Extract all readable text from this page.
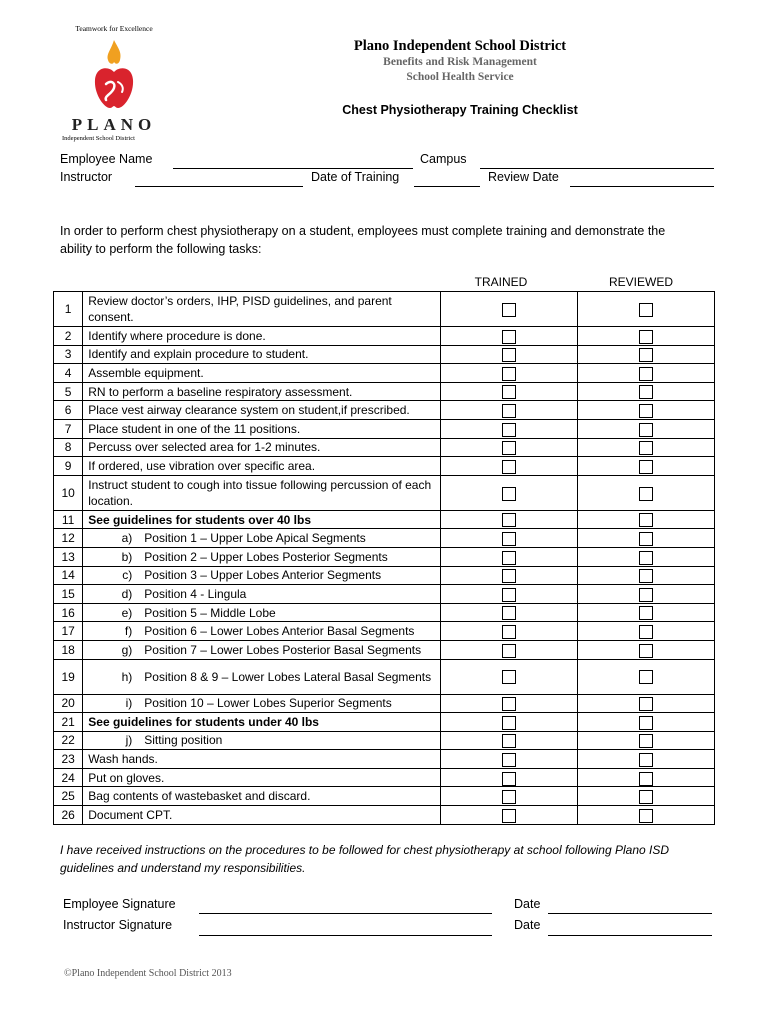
Teamwork for Excellence
PLANO
Independent School District
Plano Independent School District
Benefits and Risk Management
School Health Service
Chest Physiotherapy Training Checklist
Employee Name	Campus
Instructor	Date of Training	Review Date
In order to perform chest physiotherapy on a student, employees must complete training and demonstrate the ability to perform the following tasks:
TRAINED	REVIEWED
1	Review doctor’s orders, IHP, PISD guidelines, and parent consent.		
2	Identify where procedure is done.		
3	Identify and explain procedure to student.		
4	Assemble equipment.		
5	RN to perform a baseline respiratory assessment.		
6	Place vest airway clearance system on student,if prescribed.		
7	Place student in one of the 11 positions.		
8	Percuss over selected area for 1-2 minutes.		
9	If ordered, use vibration over specific area.		
10	Instruct student to cough into tissue following percussion of each location.		
11	See guidelines for students over 40 lbs		
12	a) Position 1 – Upper Lobe Apical Segments		

13	b) Position 2 – Upper Lobes Posterior Segments		

14	c) Position 3 – Upper Lobes Anterior Segments		

15	d) Position 4 - Lingula		

16	e) Position 5 – Middle Lobe		

17	f) Position 6 – Lower Lobes Anterior Basal Segments		

18	g) Position 7 – Lower Lobes Posterior Basal Segments		

19	h) Position 8 & 9 – Lower Lobes Lateral Basal Segments		

20	i) Position 10 – Lower Lobes Superior Segments		

21	See guidelines for students under 40 lbs		
22	j) Sitting position		

23	Wash hands.		
24	Put on gloves.		
25	Bag contents of wastebasket and discard.		
26	Document CPT.		
I have received instructions on the procedures to be followed for chest physiotherapy at school following Plano ISD guidelines and understand my responsibilities.
Employee Signature	Date
Instructor Signature	Date
©Plano Independent School District 2013
